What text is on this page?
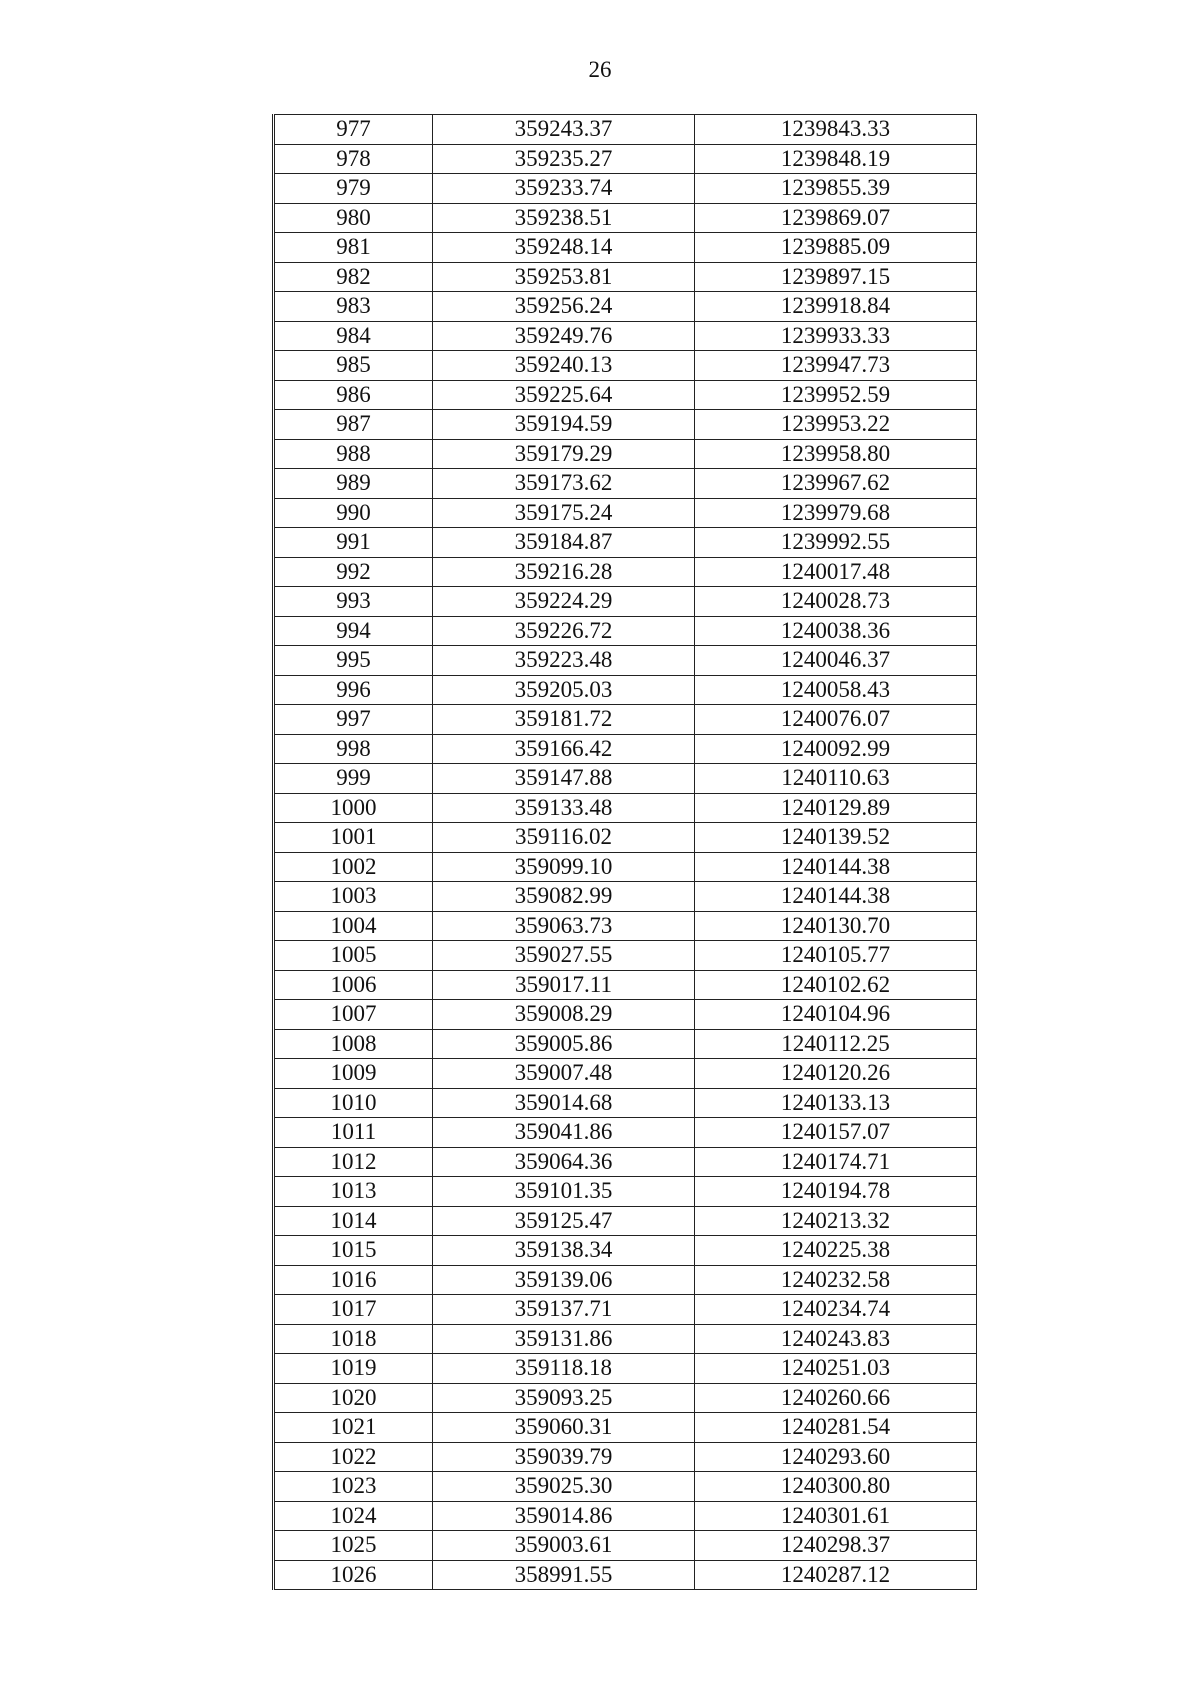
26
977	359243.37	1239843.33
978	359235.27	1239848.19
979	359233.74	1239855.39
980	359238.51	1239869.07
981	359248.14	1239885.09
982	359253.81	1239897.15
983	359256.24	1239918.84
984	359249.76	1239933.33
985	359240.13	1239947.73
986	359225.64	1239952.59
987	359194.59	1239953.22
988	359179.29	1239958.80
989	359173.62	1239967.62
990	359175.24	1239979.68
991	359184.87	1239992.55
992	359216.28	1240017.48
993	359224.29	1240028.73
994	359226.72	1240038.36
995	359223.48	1240046.37
996	359205.03	1240058.43
997	359181.72	1240076.07
998	359166.42	1240092.99
999	359147.88	1240110.63
1000	359133.48	1240129.89
1001	359116.02	1240139.52
1002	359099.10	1240144.38
1003	359082.99	1240144.38
1004	359063.73	1240130.70
1005	359027.55	1240105.77
1006	359017.11	1240102.62
1007	359008.29	1240104.96
1008	359005.86	1240112.25
1009	359007.48	1240120.26
1010	359014.68	1240133.13
1011	359041.86	1240157.07
1012	359064.36	1240174.71
1013	359101.35	1240194.78
1014	359125.47	1240213.32
1015	359138.34	1240225.38
1016	359139.06	1240232.58
1017	359137.71	1240234.74
1018	359131.86	1240243.83
1019	359118.18	1240251.03
1020	359093.25	1240260.66
1021	359060.31	1240281.54
1022	359039.79	1240293.60
1023	359025.30	1240300.80
1024	359014.86	1240301.61
1025	359003.61	1240298.37
1026	358991.55	1240287.12
